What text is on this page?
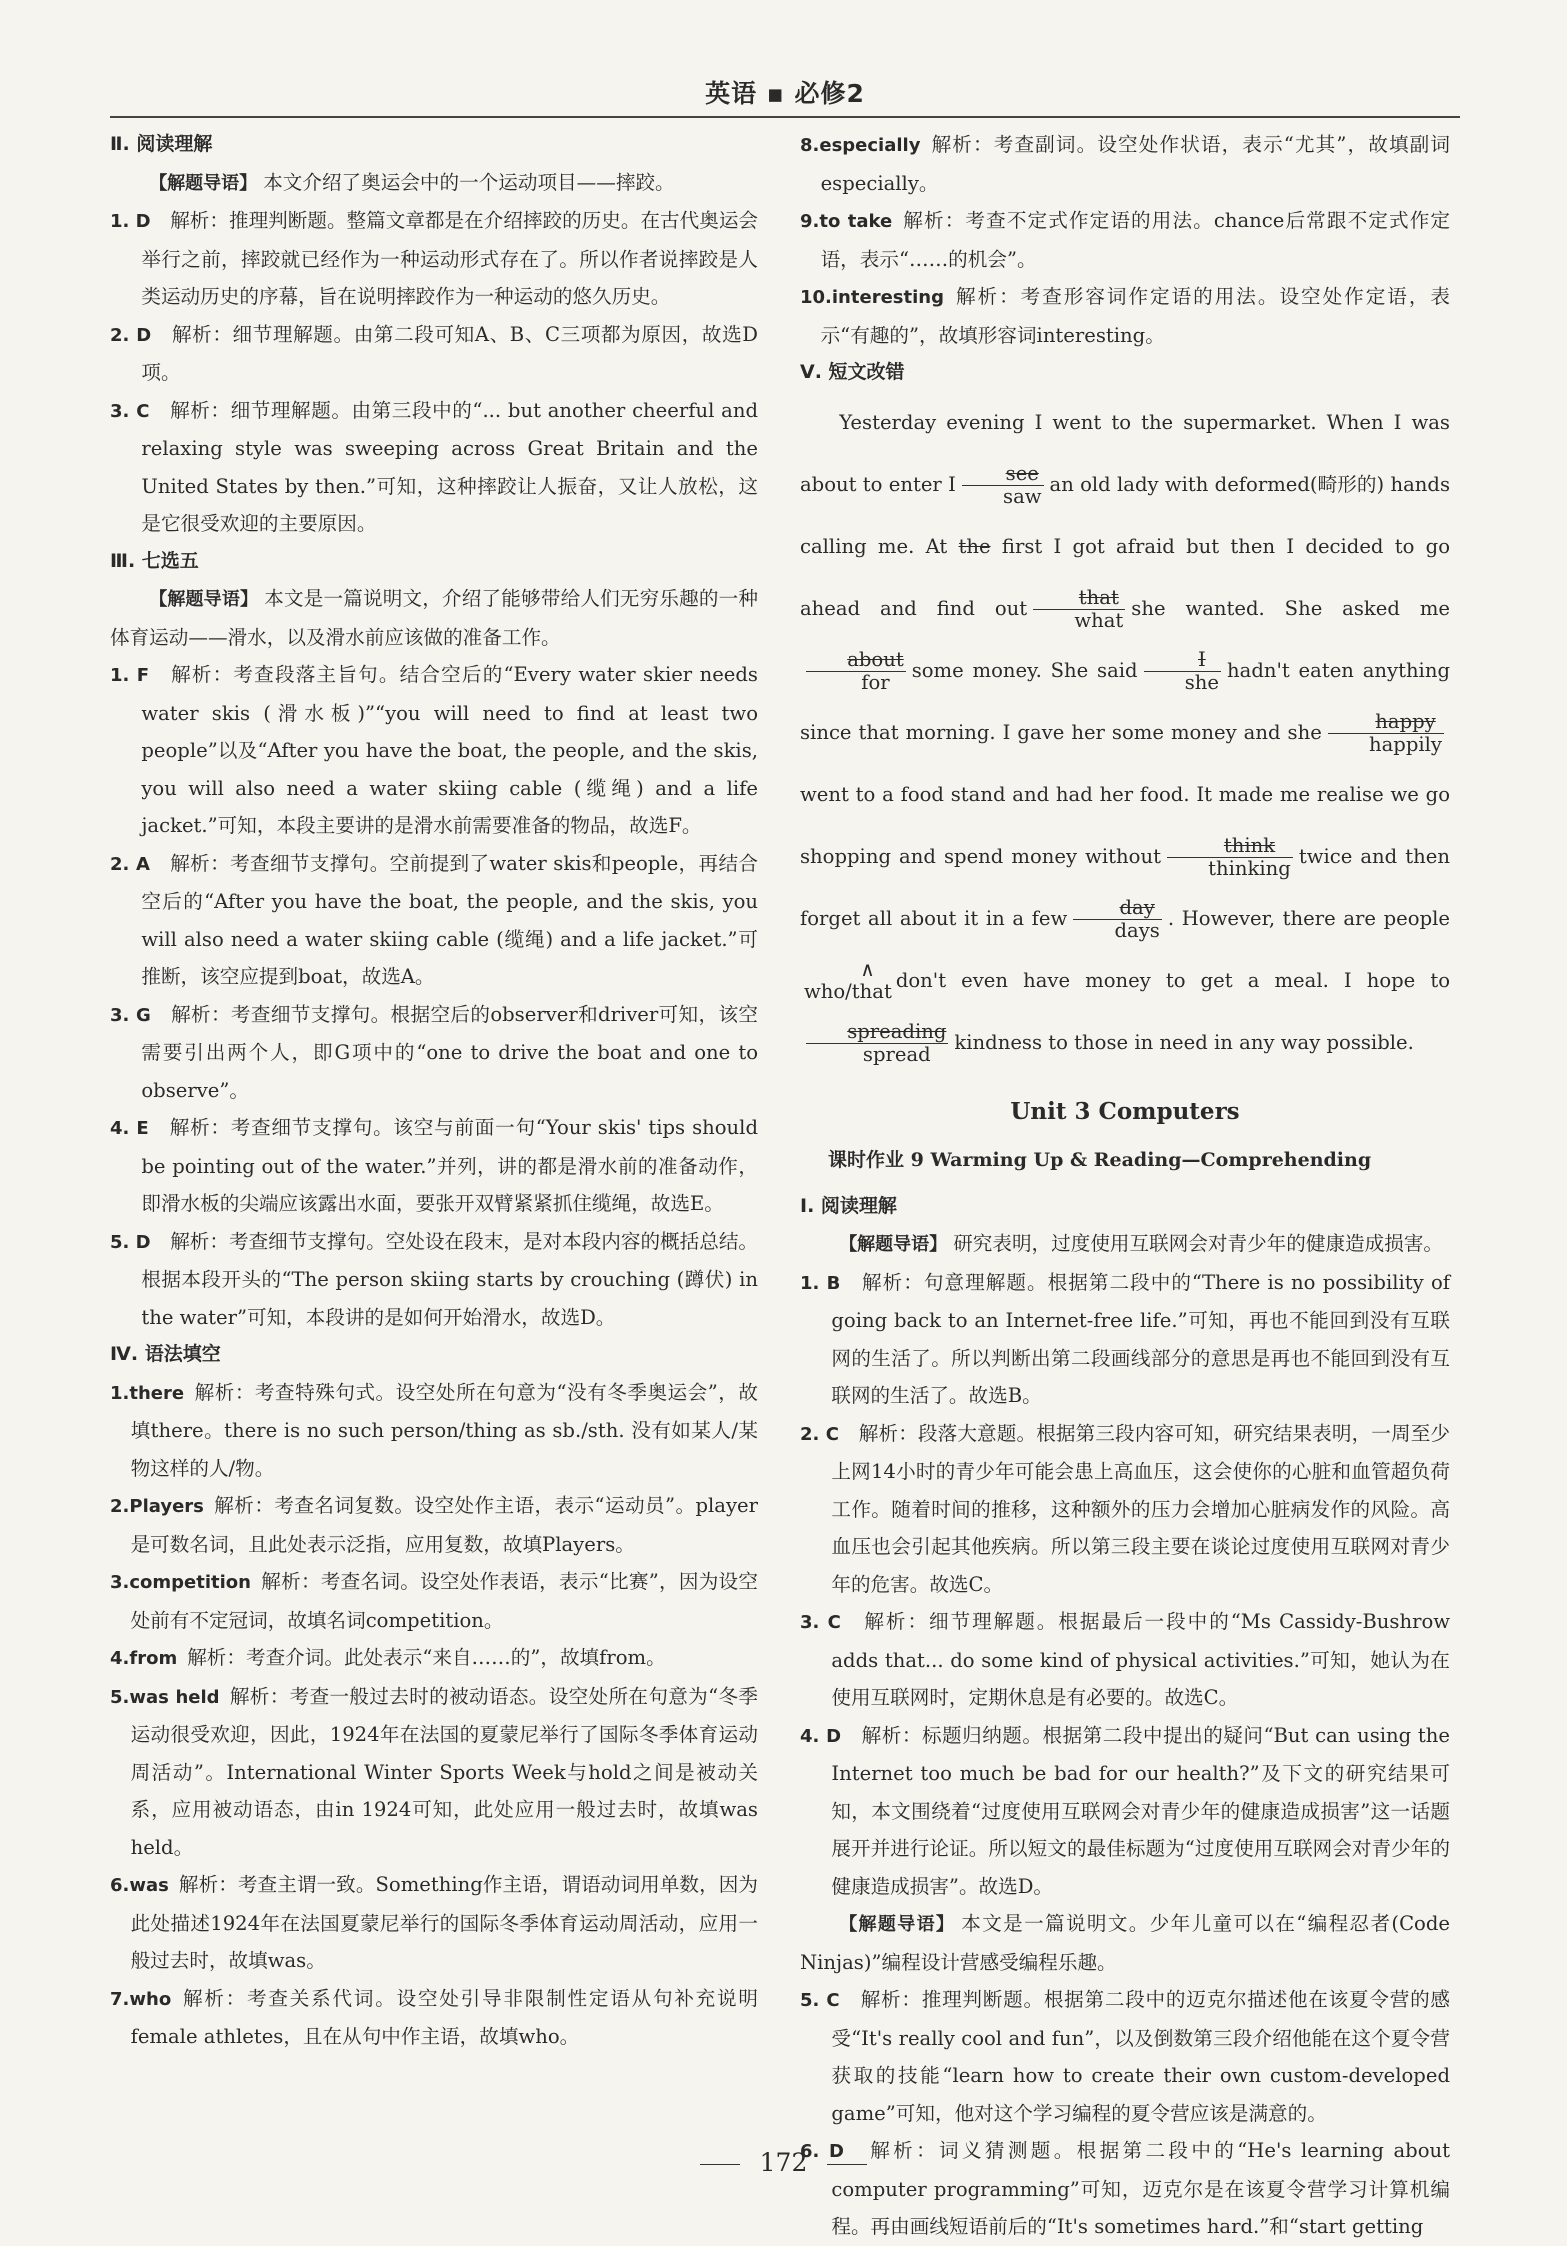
英语 ▪ 必修2

Ⅱ. 阅读理解

【解题导语】 本文介绍了奥运会中的一个运动项目——摔跤。

1. D　 解析：推理判断题。整篇文章都是在介绍摔跤的历史。在古代奥运会举行之前，摔跤就已经作为一种运动形式存在了。所以作者说摔跤是人类运动历史的序幕，旨在说明摔跤作为一种运动的悠久历史。

2. D　 解析：细节理解题。由第二段可知A、B、C三项都为原因，故选D项。

3. C　 解析：细节理解题。由第三段中的“... but another cheerful and relaxing style was sweeping across Great Britain and the United States by then.”可知，这种摔跤让人振奋，又让人放松，这是它很受欢迎的主要原因。

Ⅲ. 七选五

【解题导语】 本文是一篇说明文，介绍了能够带给人们无穷乐趣的一种体育运动——滑水，以及滑水前应该做的准备工作。

1. F　 解析：考查段落主旨句。结合空后的“Every water skier needs water skis (滑水板)”“you will need to find at least two people”以及“After you have the boat, the people, and the skis, you will also need a water skiing cable (缆绳) and a life jacket.”可知，本段主要讲的是滑水前需要准备的物品，故选F。

2. A　 解析：考查细节支撑句。空前提到了water skis和people，再结合空后的“After you have the boat, the people, and the skis, you will also need a water skiing cable (缆绳) and a life jacket.”可推断，该空应提到boat，故选A。

3. G　 解析：考查细节支撑句。根据空后的observer和driver可知，该空需要引出两个人，即G项中的“one to drive the boat and one to observe”。

4. E　 解析：考查细节支撑句。该空与前面一句“Your skis' tips should be pointing out of the water.”并列，讲的都是滑水前的准备动作，即滑水板的尖端应该露出水面，要张开双臂紧紧抓住缆绳，故选E。

5. D　 解析：考查细节支撑句。空处设在段末，是对本段内容的概括总结。根据本段开头的“The person skiing starts by crouching (蹲伏) in the water”可知，本段讲的是如何开始滑水，故选D。

Ⅳ. 语法填空

1.there 解析：考查特殊句式。设空处所在句意为“没有冬季奥运会”，故填there。there is no such person/thing as sb./sth. 没有如某人/某物这样的人/物。

2.Players 解析：考查名词复数。设空处作主语，表示“运动员”。player是可数名词，且此处表示泛指，应用复数，故填Players。

3.competition 解析：考查名词。设空处作表语，表示“比赛”，因为设空处前有不定冠词，故填名词competition。

4.from 解析：考查介词。此处表示“来自……的”，故填from。

5.was held 解析：考查一般过去时的被动语态。设空处所在句意为“冬季运动很受欢迎，因此，1924年在法国的夏蒙尼举行了国际冬季体育运动周活动”。International Winter Sports Week与hold之间是被动关系，应用被动语态，由in 1924可知，此处应用一般过去时，故填was held。

6.was 解析：考查主谓一致。Something作主语，谓语动词用单数，因为此处描述1924年在法国夏蒙尼举行的国际冬季体育运动周活动，应用一般过去时，故填was。

7.who 解析：考查关系代词。设空处引导非限制性定语从句补充说明female athletes，且在从句中作主语，故填who。

8.especially 解析：考查副词。设空处作状语，表示“尤其”，故填副词especially。

9.to take 解析：考查不定式作定语的用法。chance后常跟不定式作定语，表示“……的机会”。

10.interesting 解析：考查形容词作定语的用法。设空处作定语，表示“有趣的”，故填形容词interesting。

Ⅴ. 短文改错

Yesterday evening I went to the supermarket. When I was about to enter I	see
saw
an old lady with deformed(畸形的) hands calling me. At the first I got afraid but then I decided to go ahead and find out	that
what
she wanted. She asked me
about
for
some money. She said	I
she
hadn't eaten anything since that morning. I gave her some money and she	happy
happily
went to a food stand and had her food. It made me realise we go shopping and spend money without	think
thinking
twice and then forget all about it in a few	day
days
. However, there are people
∧
who/that don't even have money to get a meal. I hope to
spreading
spread
kindness to those in need in any way possible.

Unit 3 Computers
课时作业 9 Warming Up & Reading—Comprehending

Ⅰ. 阅读理解

【解题导语】 研究表明，过度使用互联网会对青少年的健康造成损害。

1. B　 解析：句意理解题。根据第二段中的“There is no possibility of going back to an Internet-free life.”可知，再也不能回到没有互联网的生活了。所以判断出第二段画线部分的意思是再也不能回到没有互联网的生活了。故选B。

2. C　 解析：段落大意题。根据第三段内容可知，研究结果表明，一周至少上网14小时的青少年可能会患上高血压，这会使你的心脏和血管超负荷工作。随着时间的推移，这种额外的压力会增加心脏病发作的风险。高血压也会引起其他疾病。所以第三段主要在谈论过度使用互联网对青少年的危害。故选C。

3. C　 解析：细节理解题。根据最后一段中的“Ms Cassidy-Bushrow adds that... do some kind of physical activities.”可知，她认为在使用互联网时，定期休息是有必要的。故选C。

4. D　 解析：标题归纳题。根据第二段中提出的疑问“But can using the Internet too much be bad for our health?”及下文的研究结果可知，本文围绕着“过度使用互联网会对青少年的健康造成损害”这一话题展开并进行论证。所以短文的最佳标题为“过度使用互联网会对青少年的健康造成损害”。故选D。

【解题导语】 本文是一篇说明文。少年儿童可以在“编程忍者(Code Ninjas)”编程设计营感受编程乐趣。

5. C　 解析：推理判断题。根据第二段中的迈克尔描述他在该夏令营的感受“It's really cool and fun”，以及倒数第三段介绍他能在这个夏令营获取的技能“learn how to create their own custom-developed game”可知，他对这个学习编程的夏令营应该是满意的。

6. D　 解析：词义猜测题。根据第二段中的“He's learning about computer programming”可知，迈克尔是在该夏令营学习计算机编程。再由画线短语前后的“It's sometimes hard.”和“start getting

172
